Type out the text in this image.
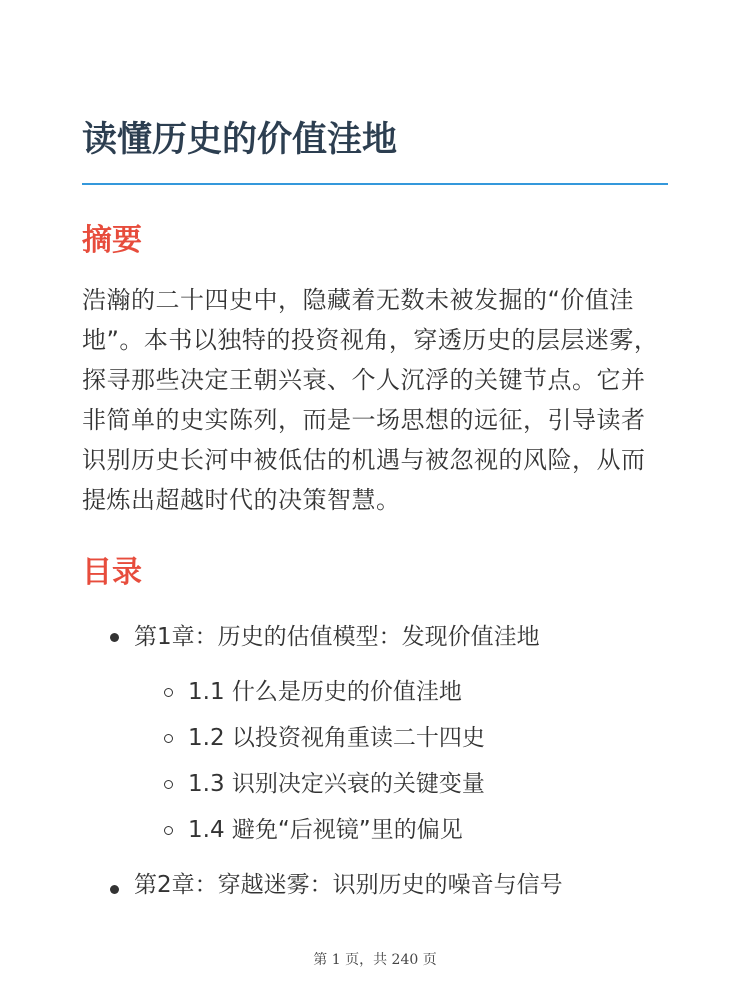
读懂历史的价值洼地
摘要

浩瀚的二十四史中，隐藏着无数未被发掘的“价值洼地”。本书以独特的投资视角，穿透历史的层层迷雾，探寻那些决定王朝兴衰、个人沉浮的关键节点。它并非简单的史实陈列，而是一场思想的远征，引导读者识别历史长河中被低估的机遇与被忽视的风险，从而提炼出超越时代的决策智慧。

目录
第1章：历史的估值模型：发现价值洼地
1.1 什么是历史的价值洼地
1.2 以投资视角重读二十四史
1.3 识别决定兴衰的关键变量
1.4 避免“后视镜”里的偏见
第2章：穿越迷雾：识别历史的噪音与信号
第 1 页，共 240 页
